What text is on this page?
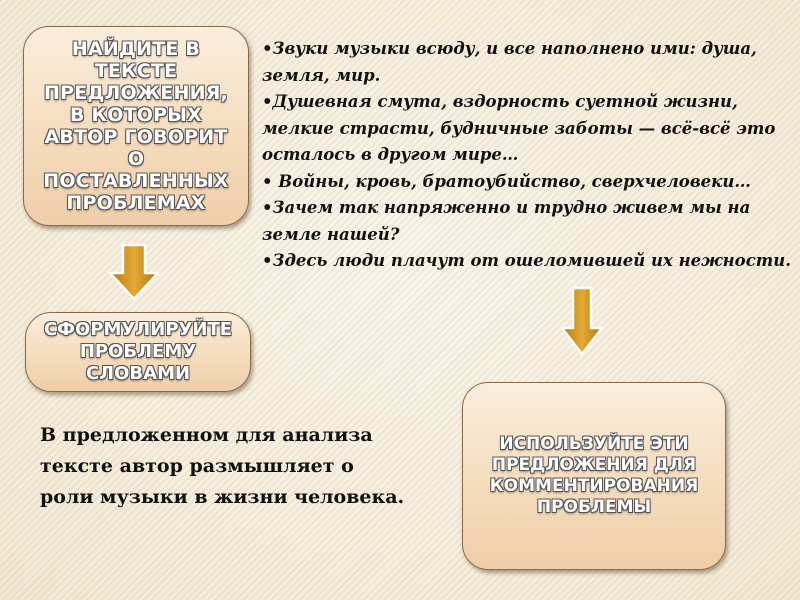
НАЙДИТЕ В ТЕКСТЕ ПРЕДЛОЖЕНИЯ, В КОТОРЫХ АВТОР ГОВОРИТ О ПОСТАВЛЕННЫХ ПРОБЛЕМАХ
СФОРМУЛИРУЙТЕ ПРОБЛЕМУ СЛОВАМИ
• Звуки музыки всюду, и все наполнено ими: душа, земля, мир.
• Душевная смута, вздорность суетной жизни, мелкие страсти, будничные заботы — всё-всё это осталось в другом мире…
• Войны, кровь, братоубийство, сверхчеловеки…
• Зачем так напряженно и трудно живем мы на земле нашей?
• Здесь люди плачут от ошеломившей их нежности.
В предложенном для анализа тексте автор размышляет о роли музыки в жизни человека.
ИСПОЛЬЗУЙТЕ ЭТИ ПРЕДЛОЖЕНИЯ ДЛЯ КОММЕНТИРОВАНИЯ ПРОБЛЕМЫ
